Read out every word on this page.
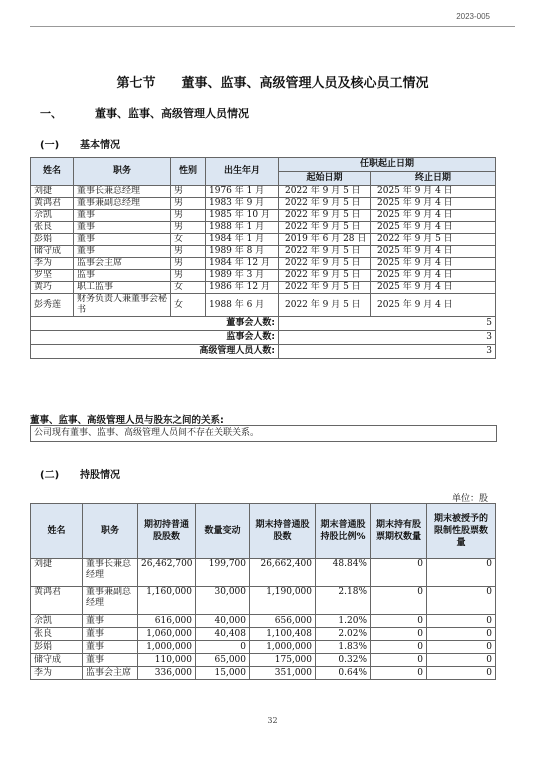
2023-005
第七节　　董事、监事、高级管理人员及核心员工情况
一、	董事、监事、高级管理人员情况
(一) 基本情况
姓名	职务	性别	出生年月	任职起止日期	
				起始日期	终止日期
刘捷	董事长兼总经理	男	1976 年 1 月	2022 年 9 月 5 日	2025 年 9 月 4 日
黄鸿君	董事兼副总经理	男	1983 年 9 月	2022 年 9 月 5 日	2025 年 9 月 4 日
佘凯	董事	男	1985 年 10 月	2022 年 9 月 5 日	2025 年 9 月 4 日
张良	董事	男	1988 年 1 月	2022 年 9 月 5 日	2025 年 9 月 4 日
彭娟	董事	女	1984 年 1 月	2019 年 6 月 28 日	2022 年 9 月 5 日
储守成	董事	男	1989 年 8 月	2022 年 9 月 5 日	2025 年 9 月 4 日
李为	监事会主席	男	1984 年 12 月	2022 年 9 月 5 日	2025 年 9 月 4 日
罗坚	监事	男	1989 年 3 月	2022 年 9 月 5 日	2025 年 9 月 4 日
黄巧	职工监事	女	1986 年 12 月	2022 年 9 月 5 日	2025 年 9 月 4 日
彭秀莲	财务负责人兼董事会秘书	女	1988 年 6 月	2022 年 9 月 5 日	2025 年 9 月 4 日
董事会人数:				5	
监事会人数:				3	
高级管理人员人数:				3	
董事、监事、高级管理人员与股东之间的关系:
公司现有董事、监事、高级管理人员间不存在关联关系。
(二) 持股情况
单位：股
姓名	职务	期初持普通股股数	数量变动	期末持普通股股数	期末普通股持股比例%	期末持有股票期权数量	期末被授予的限制性股票数量
刘捷	董事长兼总经理	26,462,700	199,700	26,662,400	48.84%	0	0
黄鸿君	董事兼副总经理	1,160,000	30,000	1,190,000	2.18%	0	0
佘凯	董事	616,000	40,000	656,000	1.20%	0	0
张良	董事	1,060,000	40,408	1,100,408	2.02%	0	0
彭娟	董事	1,000,000	0	1,000,000	1.83%	0	0
储守成	董事	110,000	65,000	175,000	0.32%	0	0
李为	监事会主席	336,000	15,000	351,000	0.64%	0	0
32
